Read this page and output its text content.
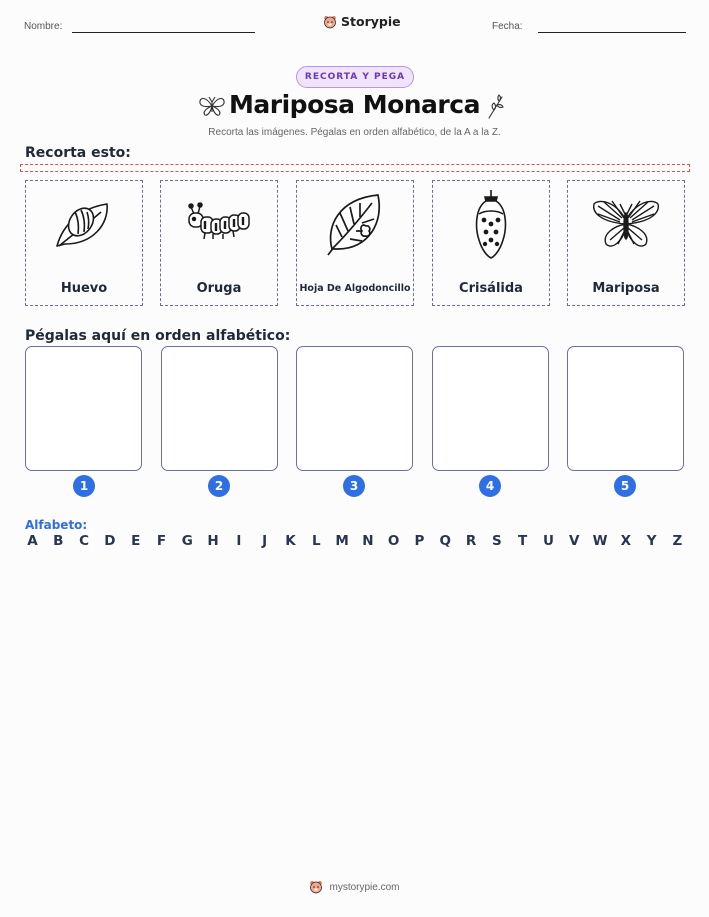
Nombre:	Storypie	Fecha:
RECORTA Y PEGA
Mariposa Monarca
Recorta las imágenes. Pégalas en orden alfabético, de la A a la Z.
Recorta esto:
Huevo	Oruga	Hoja De Algodoncillo	Crisálida	Mariposa
Pégalas aquí en orden alfabético:
1	2	3	4	5
Alfabeto:
A B C D E F G H	I	J	K L M N O P Q R S T U V W X Y Z
mystorypie.com
